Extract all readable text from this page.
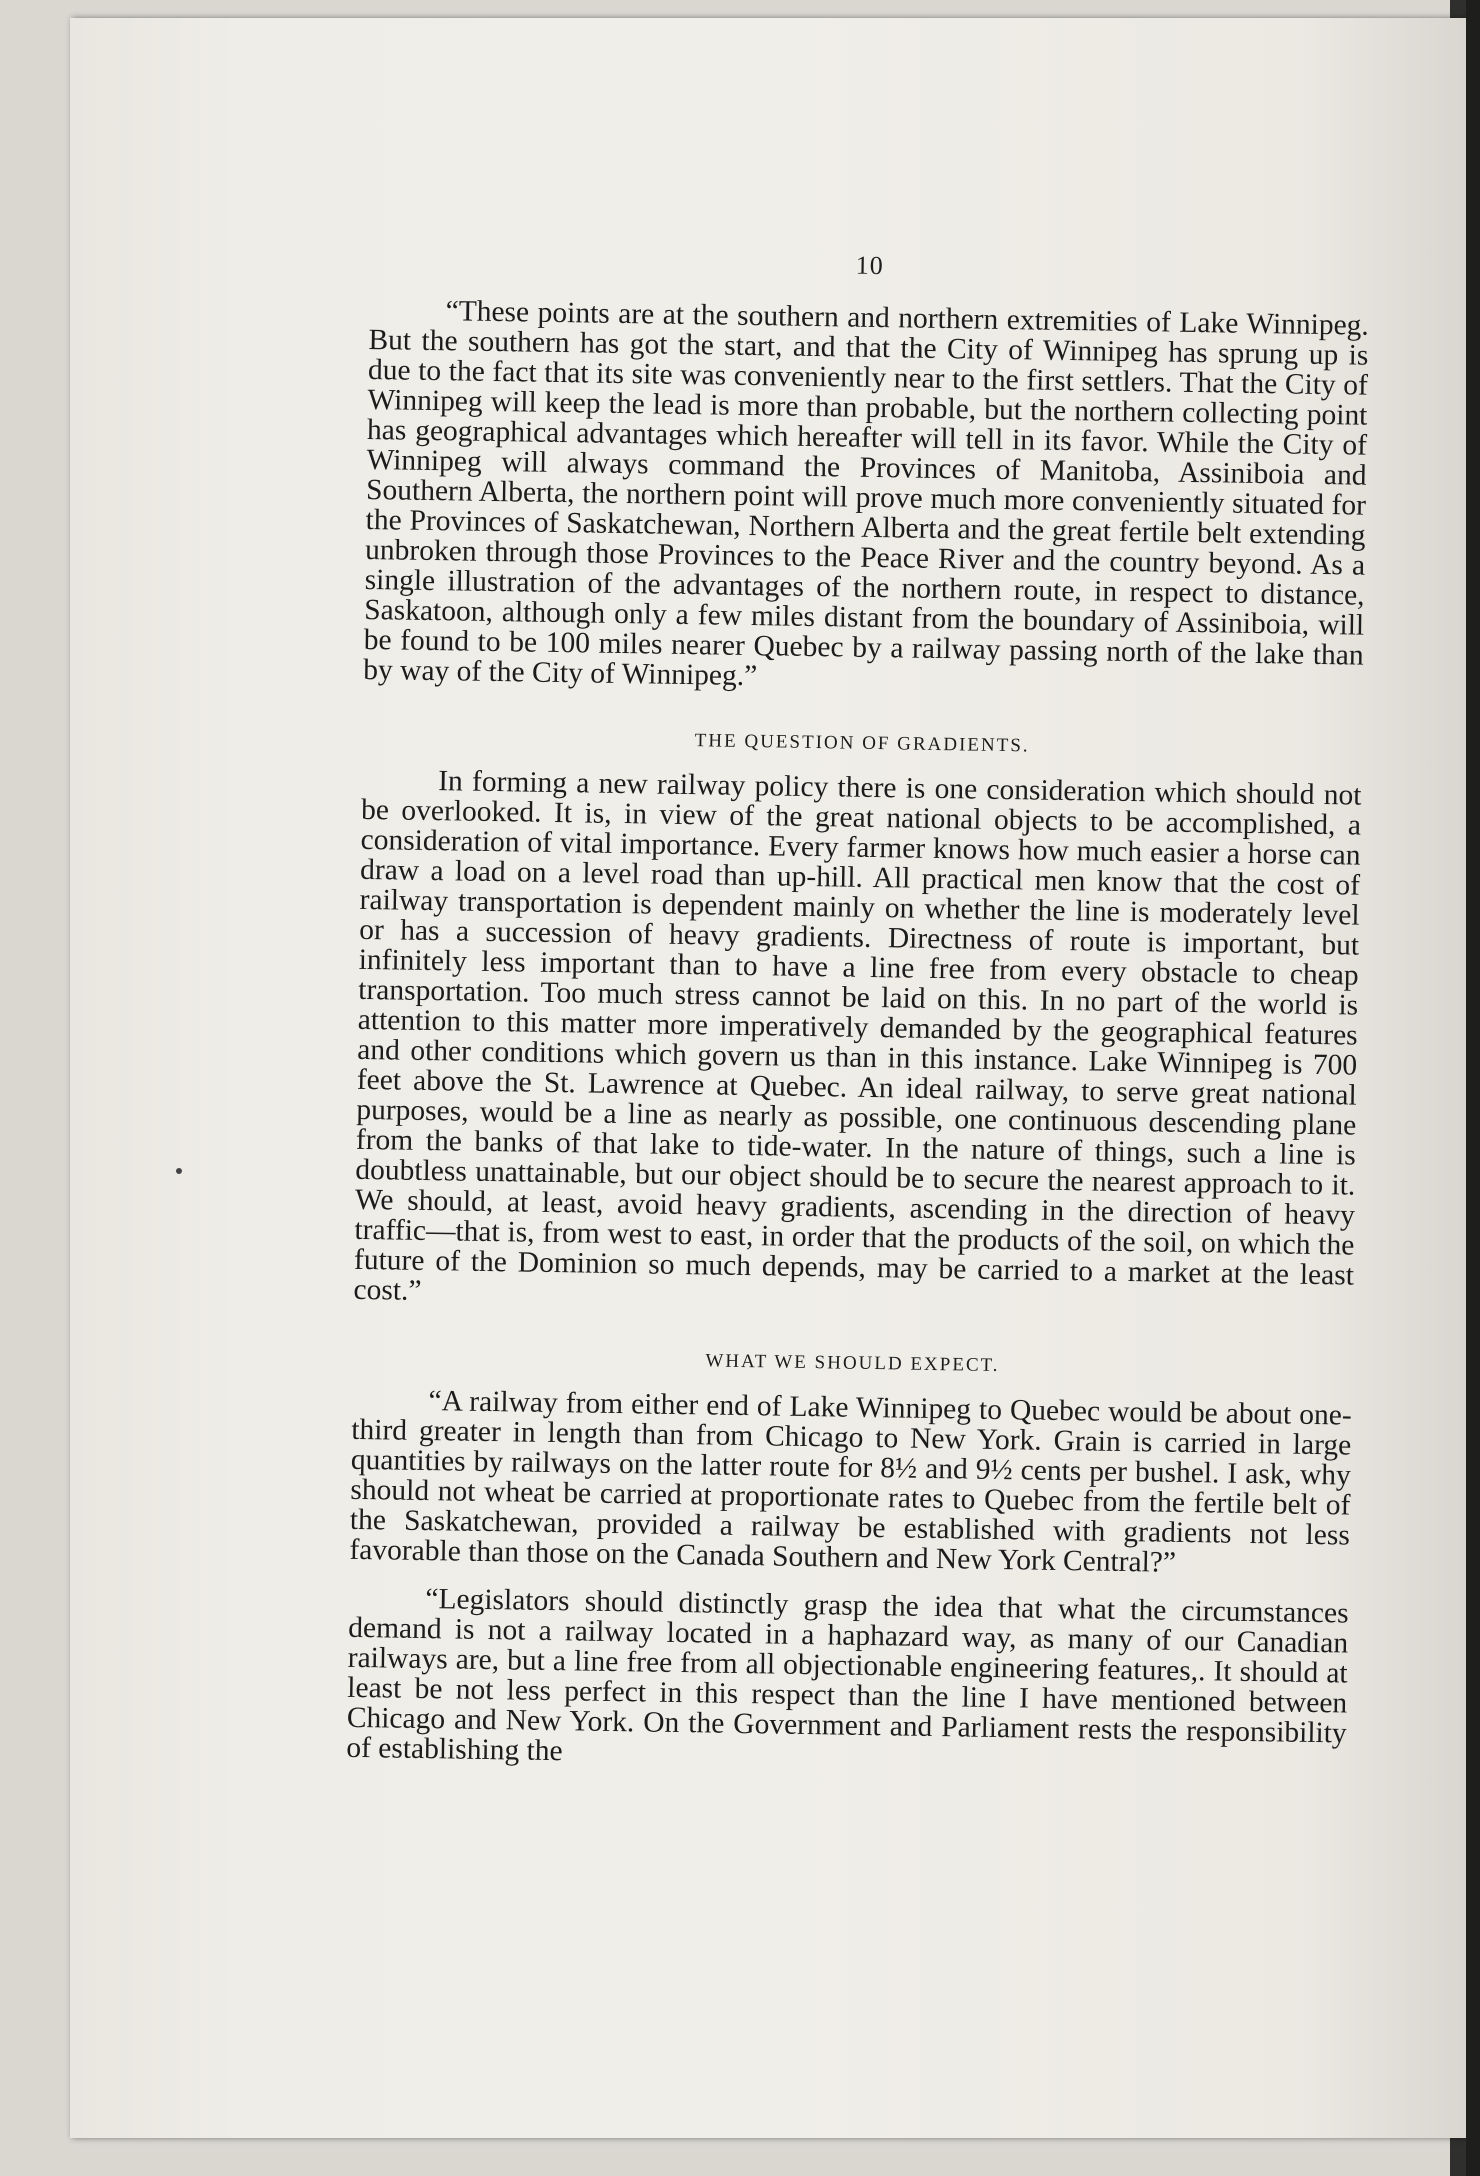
10

“These points are at the southern and northern extremities of Lake Winnipeg. But the southern has got the start, and that the City of Winnipeg has sprung up is due to the fact that its site was conveniently near to the first settlers. That the City of Winnipeg will keep the lead is more than probable, but the northern collecting point has geographical advantages which hereafter will tell in its favor. While the City of Winnipeg will always command the Provinces of Manitoba, Assiniboia and Southern Alberta, the northern point will prove much more conveniently situated for the Provinces of Saskatchewan, Northern Alberta and the great fertile belt extending unbroken through those Provinces to the Peace River and the country beyond. As a single illustration of the advantages of the northern route, in respect to distance, Saskatoon, although only a few miles distant from the boundary of Assiniboia, will be found to be 100 miles nearer Quebec by a railway passing north of the lake than by way of the City of Winnipeg.”

THE QUESTION OF GRADIENTS.

In forming a new railway policy there is one consideration which should not be overlooked. It is, in view of the great national objects to be accomplished, a consideration of vital importance. Every farmer knows how much easier a horse can draw a load on a level road than up-hill. All practical men know that the cost of railway transportation is dependent mainly on whether the line is moderately level or has a succession of heavy gradients. Directness of route is important, but infinitely less important than to have a line free from every obstacle to cheap transportation. Too much stress cannot be laid on this. In no part of the world is attention to this matter more imperatively demanded by the geographical features and other conditions which govern us than in this instance. Lake Winnipeg is 700 feet above the St. Lawrence at Quebec. An ideal railway, to serve great national purposes, would be a line as nearly as possible, one continuous descending plane from the banks of that lake to tide-water. In the nature of things, such a line is doubtless unattainable, but our object should be to secure the nearest approach to it. We should, at least, avoid heavy gradients, ascending in the direction of heavy traffic—that is, from west to east, in order that the products of the soil, on which the future of the Dominion so much depends, may be carried to a market at the least cost.”

WHAT WE SHOULD EXPECT.

“A railway from either end of Lake Winnipeg to Quebec would be about one-third greater in length than from Chicago to New York. Grain is carried in large quantities by railways on the latter route for 8½ and 9½ cents per bushel. I ask, why should not wheat be carried at proportionate rates to Quebec from the fertile belt of the Saskatchewan, provided a railway be established with gradients not less favorable than those on the Canada Southern and New York Central?”

“Legislators should distinctly grasp the idea that what the circumstances demand is not a railway located in a haphazard way, as many of our Canadian railways are, but a line free from all objectionable engineering features,. It should at least be not less perfect in this respect than the line I have mentioned between Chicago and New York. On the Government and Parliament rests the responsibility of establishing the
